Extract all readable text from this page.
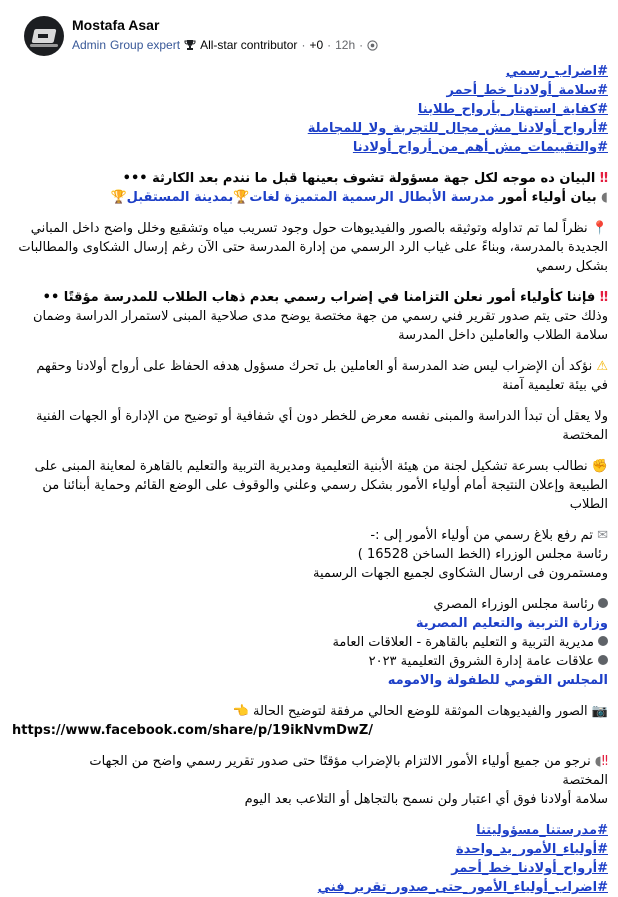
Mostafa Asar
Admin Group expert All-star contributor · +0 · 12h ·
#اضراب_رسمي
#سلامة_أولادنا_خط_أحمر
#كفاية_استهتار_بأرواح_طلابنا
#أرواح_أولادنا_مش_مجال_للتجربة_ولا_للمجاملة
#والتقييمات_مش_أهم_من_أرواح_أولادنا
‼ البيان ده موجه لكل جهة مسؤولة تشوف بعينها قبل ما نندم بعد الكارثة •••
◖ بيان أولياء أمور مدرسة الأبطال الرسمية المتميزة لغات🏆بمدينة المستقبل🏆
📍 نظراً لما تم تداوله وتوثيقه بالصور والفيديوهات حول وجود تسريب مياه وتشقيع وخلل واضح داخل المباني
الجديدة بالمدرسة، وبناءً على غياب الرد الرسمي من إدارة المدرسة حتى الآن رغم إرسال الشكاوى والمطالبات
بشكل رسمي
‼ فإننا كأولياء أمور نعلن التزامنا في إضراب رسمي بعدم ذهاب الطلاب للمدرسة مؤقتًا ••
وذلك حتى يتم صدور تقرير فني رسمي من جهة مختصة يوضح مدى صلاحية المبنى لاستمرار الدراسة وضمان
سلامة الطلاب والعاملين داخل المدرسة
⚠ نؤكد أن الإضراب ليس ضد المدرسة أو العاملين بل تحرك مسؤول هدفه الحفاظ على أرواح أولادنا وحقهم
في بيئة تعليمية آمنة
ولا يعقل أن تبدأ الدراسة والمبنى نفسه معرض للخطر دون أي شفافية أو توضيح من الإدارة أو الجهات الفنية
المختصة
✊ نطالب بسرعة تشكيل لجنة من هيئة الأبنية التعليمية ومديرية التربية والتعليم بالقاهرة لمعاينة المبنى على
الطبيعة وإعلان النتيجة أمام أولياء الأمور بشكل رسمي وعلني والوقوف على الوضع القائم وحماية أبنائنا من
الطلاب
✉ تم رفع بلاغ رسمي من أولياء الأمور إلى :-
رئاسة مجلس الوزراء (الخط الساخن 16528 )
ومستمرون فى ارسال الشكاوى لجميع الجهات الرسمية
رئاسة مجلس الوزراء المصري
وزارة التربية والتعليم المصرية
مديرية التربية و التعليم بالقاهرة - العلاقات العامة
علاقات عامة إدارة الشروق التعليمية ٢٠٢٣
المجلس القومي للطفولة والامومه
📷 الصور والفيديوهات الموثقة للوضع الحالي مرفقة لتوضيح الحالة 👈
https://www.facebook.com/share/p/19ikNvmDwZ/
‼◖ نرجو من جميع أولياء الأمور الالتزام بالإضراب مؤقتًا حتى صدور تقرير رسمي واضح من الجهات
المختصة
سلامة أولادنا فوق أي اعتبار ولن نسمح بالتجاهل أو التلاعب بعد اليوم
#مدرستنا_مسؤوليتنا
#أولياء_الأمور_يد_واحدة
#أرواح_أولادنا_خط_أحمر
#اضراب_أولياء_الأمور_حتى_صدور_تقرير_فني
